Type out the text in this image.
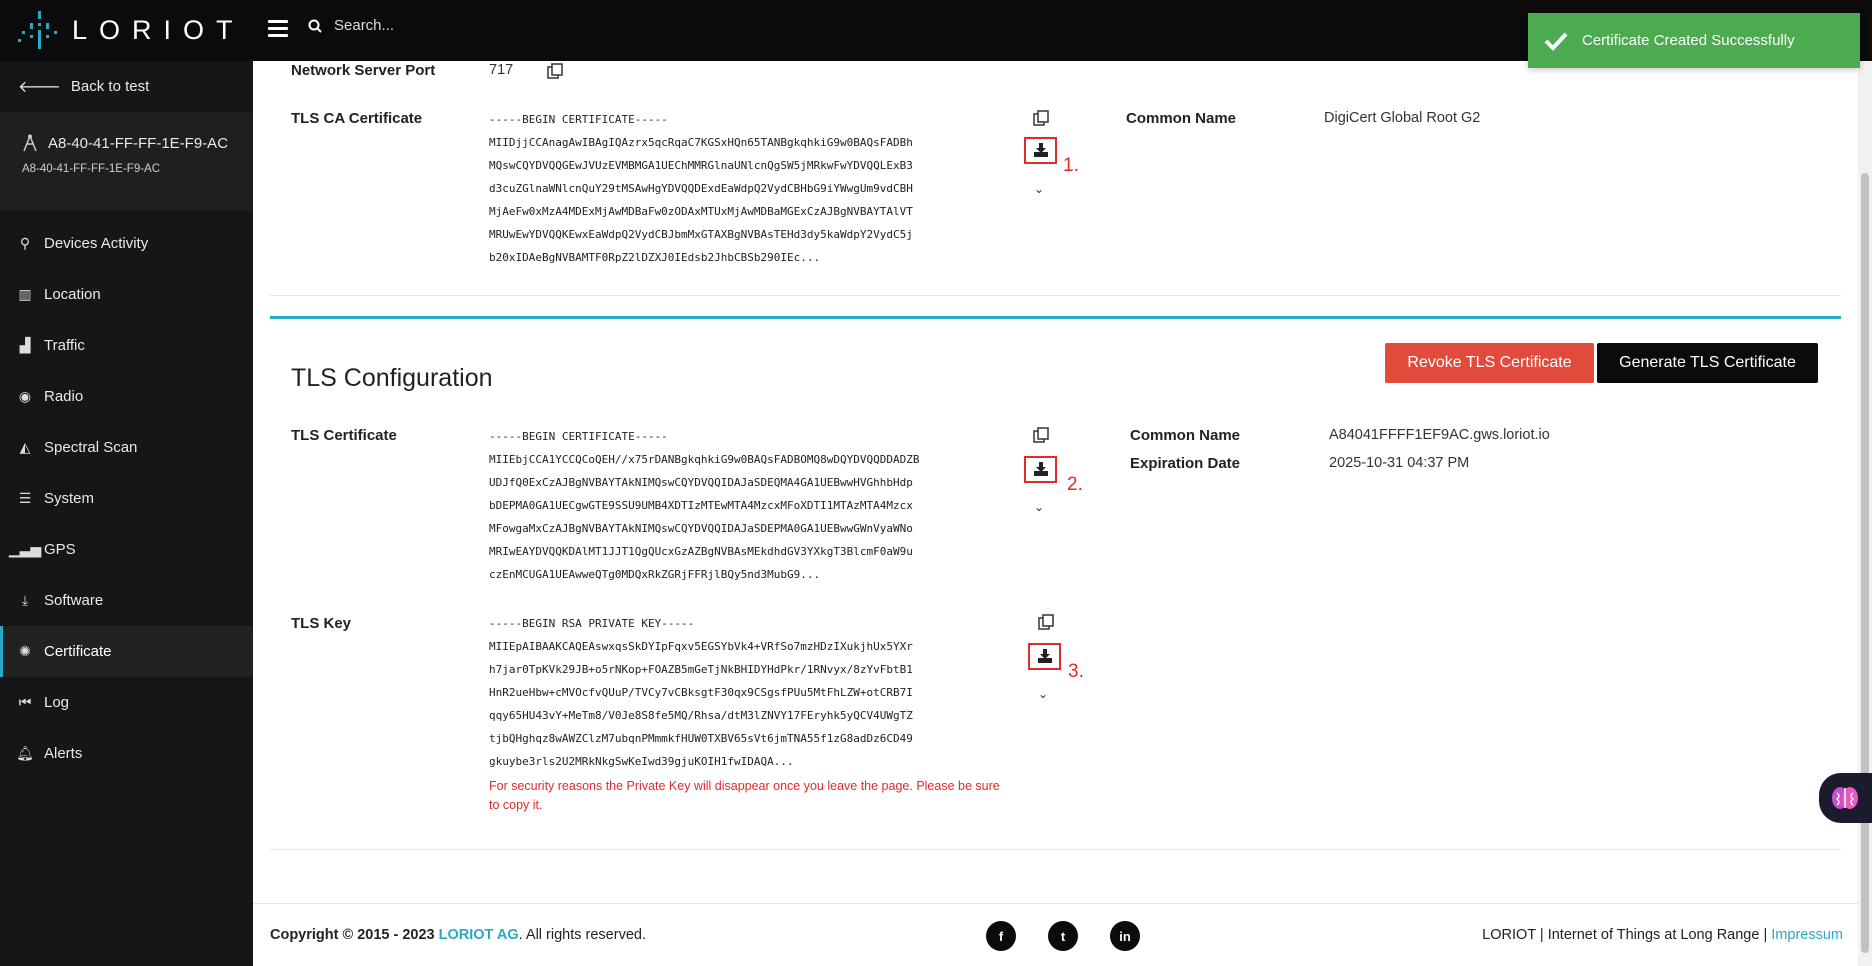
LORIOT	Search...
Certificate Created Successfully
🡐 Back to test
A8-40-41-FF-FF-1E-F9-AC
A8-40-41-FF-FF-1E-F9-AC
⚲ Devices Activity
▥ Location
▟ Traffic
◉ Radio
◭ Spectral Scan
☰ System
▁▃▅ GPS
⤓	Software
✺ Certificate
⏮ Log
🔔︎ Alerts
Network Server Port	717
TLS CA Certificate	-----BEGIN CERTIFICATE-----
MIIDjjCCAnagAwIBAgIQAzrx5qcRqaC7KGSxHQn65TANBgkqhkiG9w0BAQsFADBh
MQswCQYDVQQGEwJVUzEVMBMGA1UEChMMRGlnaUNlcnQgSW5jMRkwFwYDVQQLExB3
d3cuZGlnaWNlcnQuY29tMSAwHgYDVQQDExdEaWdpQ2VydCBHbG9iYWwgUm9vdCBH
MjAeFw0xMzA4MDExMjAwMDBaFw0zODAxMTUxMjAwMDBaMGExCzAJBgNVBAYTAlVT
MRUwEwYDVQQKEwxEaWdpQ2VydCBJbmMxGTAXBgNVBAsTEHd3dy5kaWdpY2VydC5j
b20xIDAeBgNVBAMTF0RpZ2lDZXJ0IEdsb2JhbCBSb290IEc...
1.
⌄
Common Name	DigiCert Global Root G2
TLS Configuration
Revoke TLS Certificate	Generate TLS Certificate
TLS Certificate	-----BEGIN CERTIFICATE-----
MIIEbjCCA1YCCQCoQEH//x75rDANBgkqhkiG9w0BAQsFADBOMQ8wDQYDVQQDDADZB
UDJfQ0ExCzAJBgNVBAYTAkNIMQswCQYDVQQIDAJaSDEQMA4GA1UEBwwHVGhhbHdp
bDEPMA0GA1UECgwGTE9SSU9UMB4XDTIzMTEwMTA4MzcxMFoXDTI1MTAzMTA4Mzcx
MFowgaMxCzAJBgNVBAYTAkNIMQswCQYDVQQIDAJaSDEPMA0GA1UEBwwGWnVyaWNo
MRIwEAYDVQQKDAlMT1JJT1QgQUcxGzAZBgNVBAsMEkdhdGV3YXkgT3BlcmF0aW9u
czEnMCUGA1UEAwweQTg0MDQxRkZGRjFFRjlBQy5nd3MubG9...
2.
⌄
Common Name	A84041FFFF1EF9AC.gws.loriot.io
Expiration Date	2025-10-31 04:37 PM
TLS Key	-----BEGIN RSA PRIVATE KEY-----
MIIEpAIBAAKCAQEAswxqsSkDYIpFqxv5EGSYbVk4+VRfSo7mzHDzIXukjhUx5YXr
h7jar0TpKVk29JB+o5rNKop+FOAZB5mGeTjNkBHIDYHdPkr/1RNvyx/8zYvFbtB1
HnR2ueHbw+cMVOcfvQUuP/TVCy7vCBksgtF30qx9CSgsfPUu5MtFhLZW+otCRB7I
qqy65HU43vY+MeTm8/V0Je8S8fe5MQ/Rhsa/dtM3lZNVY17FEryhk5yQCV4UWgTZ
tjbQHghqz8wAWZClzM7ubqnPMmmkfHUW0TXBV65sVt6jmTNA55f1zG8adDz6CD49
gkuybe3rls2U2MRkNkgSwKeIwd39gjuKOIH1fwIDAQA...
3.
⌄
For security reasons the Private Key will disappear once you leave the page. Please be sure to copy it.
Copyright © 2015 - 2023 LORIOT AG. All rights reserved.	f	t	in	LORIOT | Internet of Things at Long Range | Impressum
